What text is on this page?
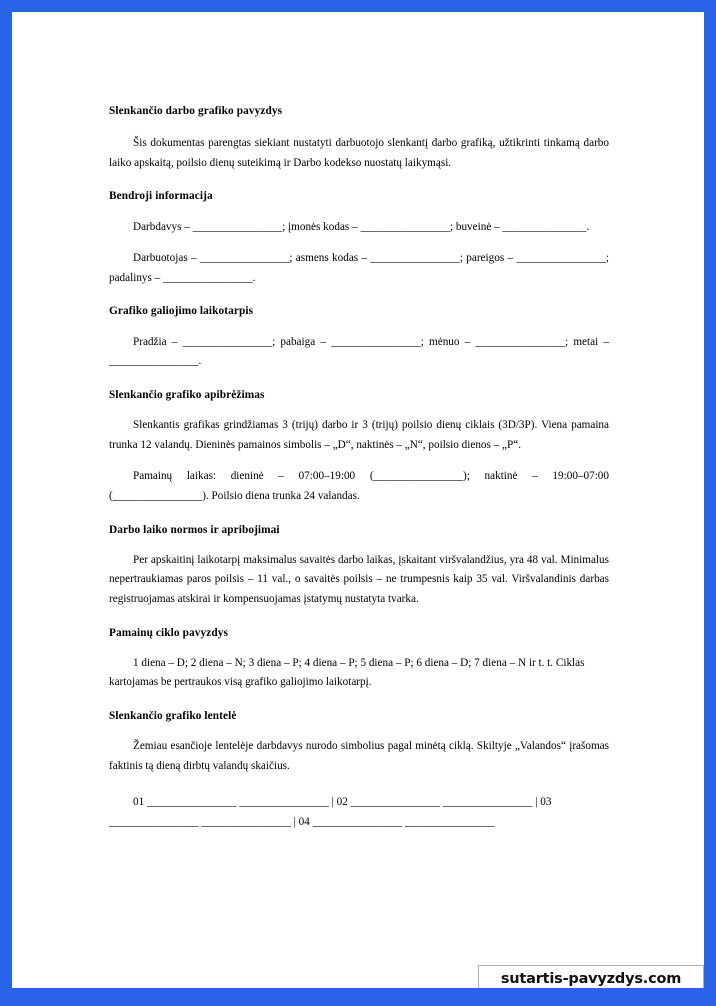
Slenkančio darbo grafiko pavyzdys

Šis dokumentas parengtas siekiant nustatyti darbuotojo slenkantį darbo grafiką, užtikrinti tinkamą darbo laiko apskaitą, poilsio dienų suteikimą ir Darbo kodekso nuostatų laikymąsi.

Bendroji informacija

Darbdavys – ________________; įmonės kodas – ________________; buveinė – _______________.

Darbuotojas – ________________; asmens kodas – ________________; pareigos – ________________; padalinys – ________________.

Grafiko galiojimo laikotarpis

Pradžia – ________________; pabaiga – ________________; mėnuo – ________________; metai – ________________.

Slenkančio grafiko apibrėžimas

Slenkantis grafikas grindžiamas 3 (trijų) darbo ir 3 (trijų) poilsio dienų ciklais (3D/3P). Viena pamaina trunka 12 valandų. Dieninės pamainos simbolis – „D“, naktinės – „N“, poilsio dienos – „P“.

Pamainų laikas: dieninė – 07:00–19:00 (________________); naktinė – 19:00–07:00 (________________). Poilsio diena trunka 24 valandas.

Darbo laiko normos ir apribojimai

Per apskaitinį laikotarpį maksimalus savaitės darbo laikas, įskaitant viršvalandžius, yra 48 val. Minimalus nepertraukiamas paros poilsis – 11 val., o savaitės poilsis – ne trumpesnis kaip 35 val. Viršvalandinis darbas registruojamas atskirai ir kompensuojamas įstatymų nustatyta tvarka.

Pamainų ciklo pavyzdys

1 diena – D; 2 diena – N; 3 diena – P; 4 diena – P; 5 diena – P; 6 diena – D; 7 diena – N ir t. t. Ciklas kartojamas be pertraukos visą grafiko galiojimo laikotarpį.

Slenkančio grafiko lentelė

Žemiau esančioje lentelėje darbdavys nurodo simbolius pagal minėtą ciklą. Skiltyje „Valandos“ įrašomas faktinis tą dieną dirbtų valandų skaičius.

01 ________________ ________________ | 02 ________________ ________________ | 03 ________________ ________________ | 04 ________________ ________________

sutartis-pavyzdys.com
